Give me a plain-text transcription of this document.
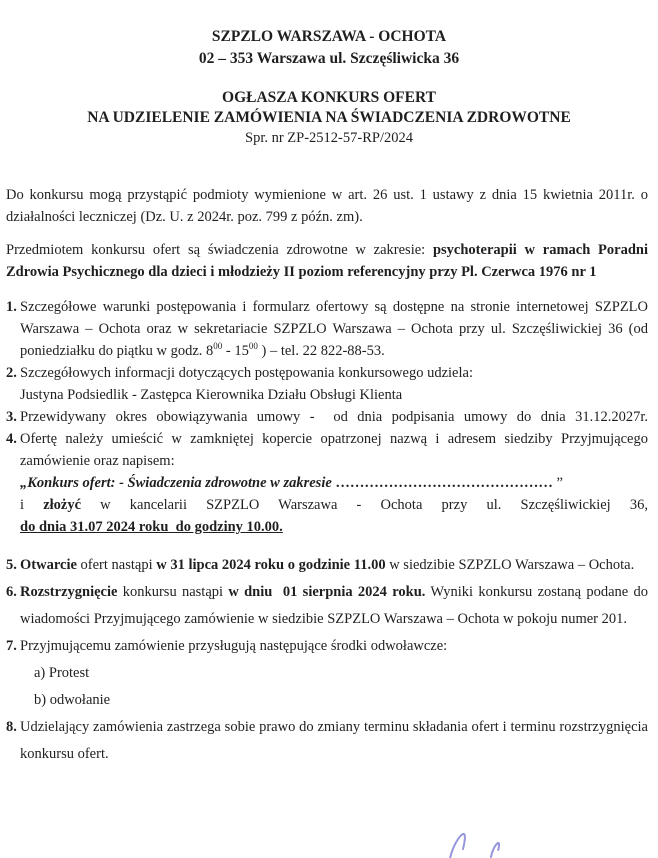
SZPZLO WARSZAWA - OCHOTA
02 – 353 Warszawa ul. Szczęśliwicka 36
OGŁASZA KONKURS OFERT
NA UDZIELENIE ZAMÓWIENIA NA ŚWIADCZENIA ZDROWOTNE
Spr. nr ZP-2512-57-RP/2024

Do konkursu mogą przystąpić podmioty wymienione w art. 26 ust. 1 ustawy z dnia 15 kwietnia 2011r. o działalności leczniczej (Dz. U. z 2024r. poz. 799 z późn. zm).

Przedmiotem konkursu ofert są świadczenia zdrowotne w zakresie: psychoterapii w ramach Poradni Zdrowia Psychicznego dla dzieci i młodzieży II poziom referencyjny przy Pl. Czerwca 1976 nr 1

1. Szczegółowe warunki postępowania i formularz ofertowy są dostępne na stronie internetowej SZPZLO Warszawa – Ochota oraz w sekretariacie SZPZLO Warszawa – Ochota przy ul. Szczęśliwickiej 36 (od poniedziałku do piątku w godz. $8^{00} - 15^{00}$ ) – tel. 22 822-88-53.

2. Szczegółowych informacji dotyczących postępowania konkursowego udziela:

Justyna Podsiedlik - Zastępca Kierownika Działu Obsługi Klienta

3. Przewidywany okres obowiązywania umowy -  od dnia podpisania umowy do dnia 31.12.2027r.

4. Ofertę należy umieścić w zamkniętej kopercie opatrzonej nazwą i adresem siedziby Przyjmującego zamówienie oraz napisem:

„Konkurs ofert: - Świadczenia zdrowotne w zakresie ……………………………………… ”

i złożyć w kancelarii SZPZLO Warszawa - Ochota przy ul. Szczęśliwickiej 36,

do dnia 31.07 2024 roku  do godziny 10.00.

5. Otwarcie ofert nastąpi w 31 lipca 2024 roku o godzinie 11.00 w siedzibie SZPZLO Warszawa – Ochota.

6. Rozstrzygnięcie konkursu nastąpi w dniu  01 sierpnia 2024 roku. Wyniki konkursu zostaną podane do wiadomości Przyjmującego zamówienie w siedzibie SZPZLO Warszawa – Ochota w pokoju numer 201.

7. Przyjmującemu zamówienie przysługują następujące środki odwoławcze:

a) Protest

b) odwołanie

8. Udzielający zamówienia zastrzega sobie prawo do zmiany terminu składania ofert i terminu rozstrzygnięcia konkursu ofert.
